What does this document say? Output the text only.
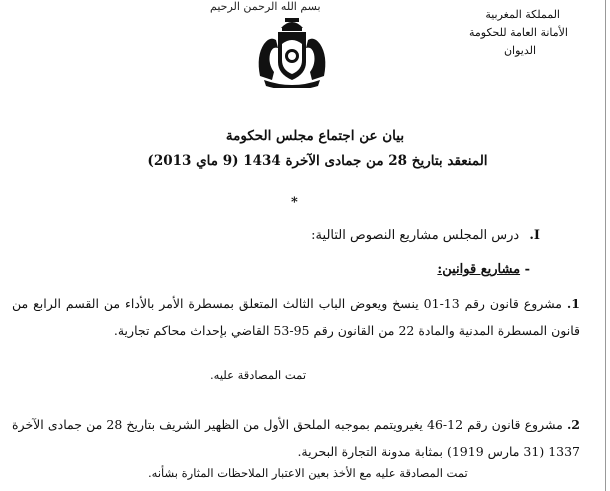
بسم الله الرحمن الرحيم
المملكة المغربية
الأمانة العامة للحكومة
الديوان
بيان عن اجتماع مجلس الحكومة
المنعقد بتاريخ 28 من جمادى الآخرة 1434 (9 ماي 2013)
*
I. درس المجلس مشاريع النصوص التالية:
- مشاريع قوانين:
1. مشروع قانون رقم 13-01 ينسخ ويعوض الباب الثالث المتعلق بمسطرة الأمر بالأداء من القسم الرابع من قانون المسطرة المدنية والمادة 22 من القانون رقم 95-53 القاضي بإحداث محاكم تجارية.
تمت المصادقة عليه.
2. مشروع قانون رقم 12-46 يغيرويتمم بموجبه الملحق الأول من الظهير الشريف بتاريخ 28 من جمادى الآخرة 1337 (31 مارس 1919) بمثابة مدونة التجارة البحرية.
تمت المصادقة عليه مع الأخذ بعين الاعتبار الملاحظات المثارة بشأنه.
